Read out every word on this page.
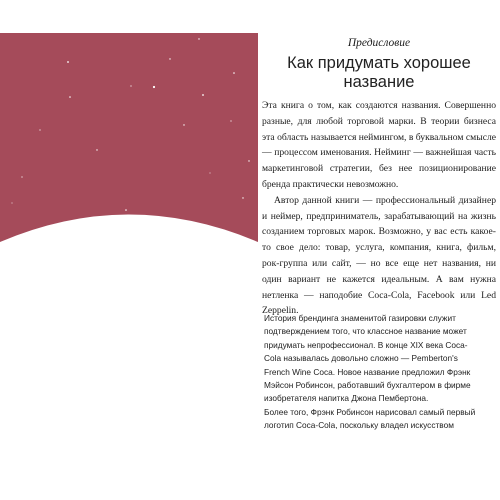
А
Предисловие
Как придумать хорошее название

Эта книга о том, как создаются названия. Совершенно разные, для любой торговой марки. В теории бизнеса эта область называется неймингом, в буквальном смысле — процессом именования. Нейминг — важнейшая часть маркетинговой стратегии, без нее позиционирование бренда практически невозможно.

Автор данной книги — профессиональный дизайнер и неймер, предприниматель, зарабатывающий на жизнь созданием торговых марок. Возможно, у вас есть какое-то свое дело: товар, услуга, компания, книга, фильм, рок-группа или сайт, — но все еще нет названия, ни один вариант не кажется идеальным. А вам нужна нетленка — наподобие Coca-Cola, Facebook или Led Zeppelin.

История брендинга знаменитой газировки служит подтверждением того, что классное название может придумать непрофессионал. В конце XIX века Coca-Cola называлась довольно сложно — Pemberton's French Wine Coca. Новое название предложил Фрэнк Мэйсон Робинсон, работавший бухгалтером в фирме изобретателя напитка Джона Пембертона.

Более того, Фрэнк Робинсон нарисовал самый первый логотип Coca-Cola, поскольку владел искусством
